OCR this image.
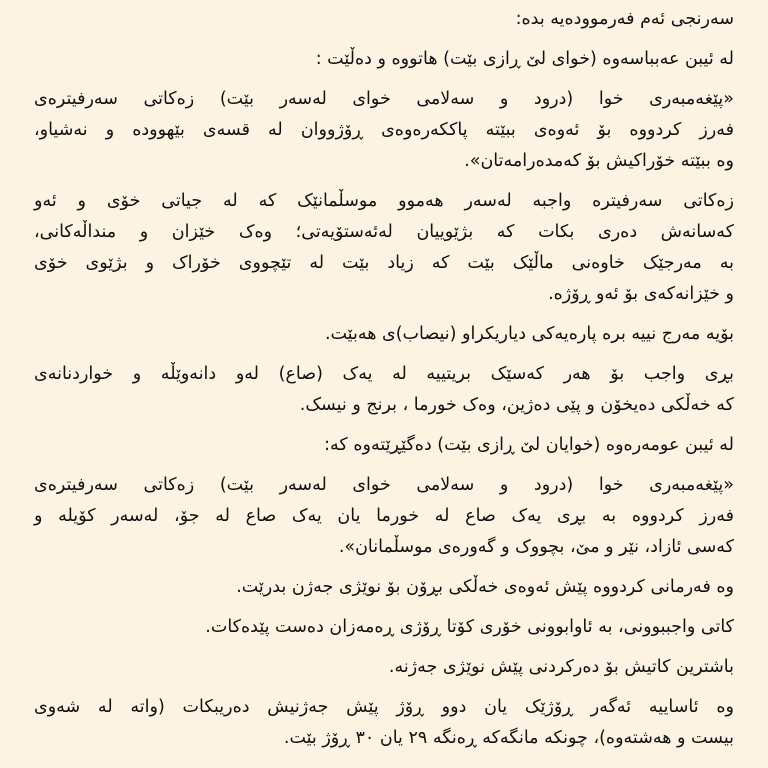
سەرنجی ئەم فەرموودەیە بدە:

لە ئیبن عەبباسەوە (خوای لێ ڕازی بێت) هاتووە و دەڵێت :

«پێغەمبەری خوا (درود و سەلامی خوای لەسەر بێت) زەکاتی سەرفیترەی
فەرز کردووە بۆ ئەوەی ببێتە پاککەرەوەی ڕۆژووان لە قسەی بێهوودە و نەشیاو،
وە ببێتە خۆراکیش بۆ کەمدەرامەتان».

زەکاتی سەرفیترە واجبە لەسەر هەموو موسڵمانێک کە لە جیاتی خۆی و ئەو
کەسانەش دەری بکات کە بژێوییان لەئەستۆیەتی؛ وەک خێزان و منداڵەکانی،
بە مەرجێک خاوەنی ماڵێک بێت کە زیاد بێت لە تێچووی خۆراک و بژێوی خۆی
و خێزانەکەی بۆ ئەو ڕۆژە.

بۆیە مەرج نییە برە پارەیەکی دیاریکراو (نیصاب)ی هەبێت.

بڕی واجب بۆ هەر کەسێک بریتییە لە یەک (صاع) لەو دانەوێڵە و خواردنانەی
کە خەڵکی دەیخۆن و پێی دەژین، وەک خورما ، برنج و نیسک.

لە ئیبن عومەرەوە (خوایان لێ ڕازی بێت) دەگێڕێتەوە کە:

«پێغەمبەری خوا (درود و سەلامی خوای لەسەر بێت) زەکاتی سەرفیترەی
فەرز کردووە بە بڕی یەک صاع لە خورما یان یەک صاع لە جۆ، لەسەر کۆیلە و
کەسی ئازاد، نێر و مێ، بچووک و گەورەی موسڵمانان».

وە فەرمانی کردووە پێش ئەوەی خەڵکی بڕۆن بۆ نوێژی جەژن بدرێت.

کاتی واجببوونی، بە ئاوابوونی خۆری کۆتا ڕۆژی ڕەمەزان دەست پێدەکات.

باشترین کاتیش بۆ دەرکردنی پێش نوێژی جەژنە.

وە ئاساییە ئەگەر ڕۆژێک یان دوو ڕۆژ پێش جەژنیش دەریبکات (واتە لە شەوی
بیست و هەشتەوە)، چونکە مانگەکە ڕەنگە ٢٩ یان ٣٠ ڕۆژ بێت.
